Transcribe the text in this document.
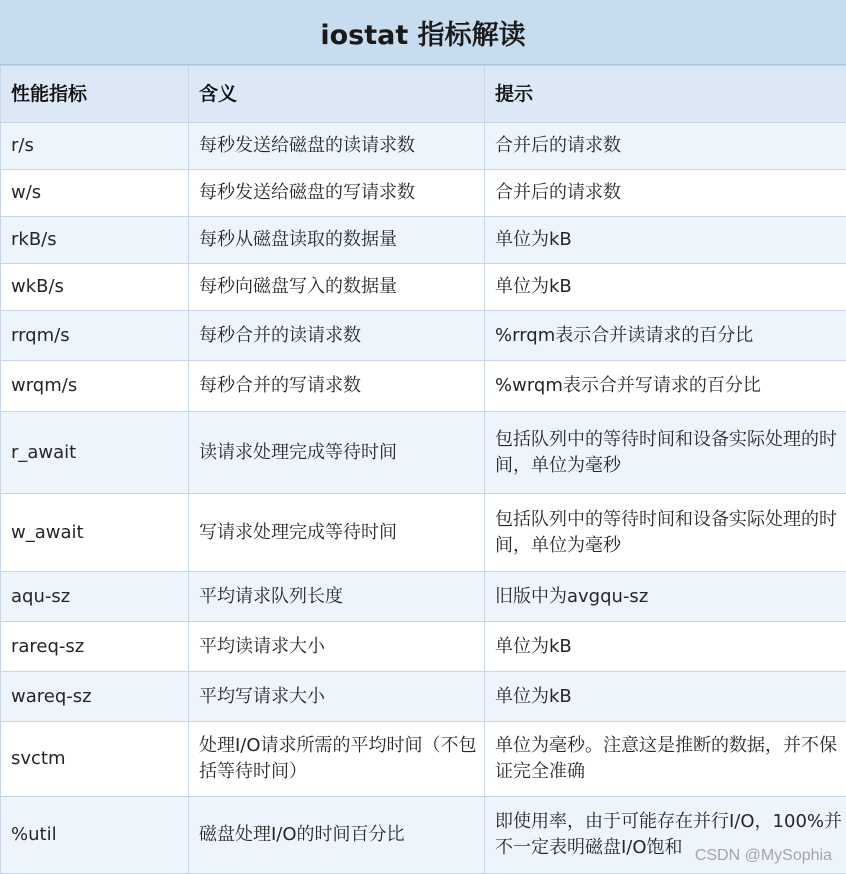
iostat 指标解读
性能指标	含义	提示
r/s	每秒发送给磁盘的读请求数	合并后的请求数
w/s	每秒发送给磁盘的写请求数	合并后的请求数
rkB/s	每秒从磁盘读取的数据量	单位为kB
wkB/s	每秒向磁盘写入的数据量	单位为kB
rrqm/s	每秒合并的读请求数	%rrqm表示合并读请求的百分比
wrqm/s	每秒合并的写请求数	%wrqm表示合并写请求的百分比
r_await	读请求处理完成等待时间	包括队列中的等待时间和设备实际处理的时间，单位为毫秒
w_await	写请求处理完成等待时间	包括队列中的等待时间和设备实际处理的时间，单位为毫秒
aqu-sz	平均请求队列长度	旧版中为avgqu-sz
rareq-sz	平均读请求大小	单位为kB
wareq-sz	平均写请求大小	单位为kB
svctm	处理I/O请求所需的平均时间（不包括等待时间）	单位为毫秒。注意这是推断的数据，并不保证完全准确
%util	磁盘处理I/O的时间百分比	即使用率，由于可能存在并行I/O，100%并不一定表明磁盘I/O饱和 CSDN @MySophia
